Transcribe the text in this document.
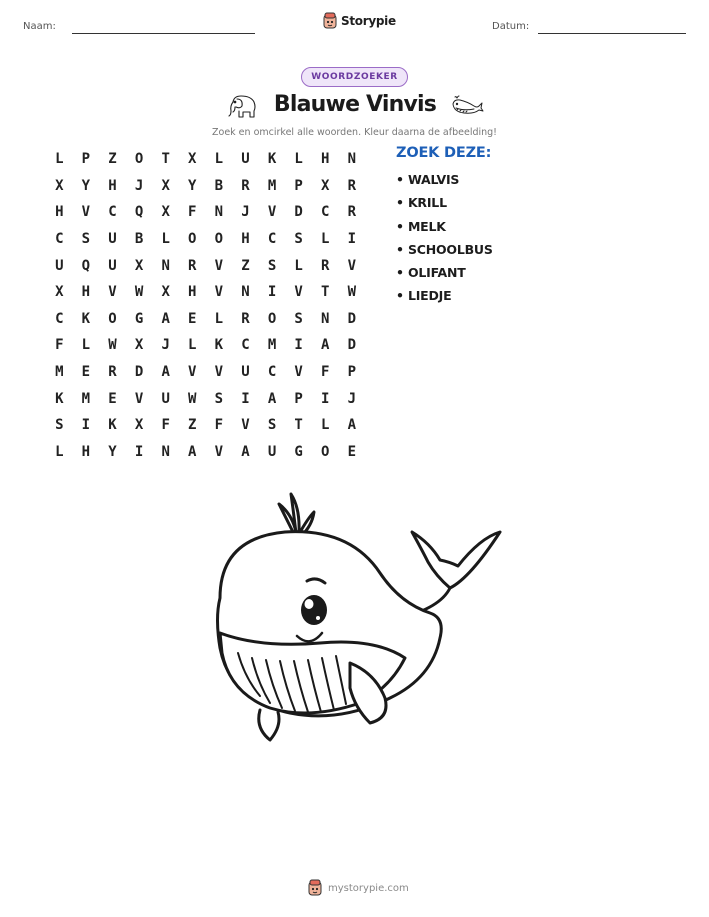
Naam:	Storypie	Datum:
WOORDZOEKER
Blauwe Vinvis
Zoek en omcirkel alle woorden. Kleur daarna de afbeelding!
L	P	Z	O	T	X	L	U	K	L	H	N
X	Y	H	J	X	Y	B	R	M	P	X	R
H	V	C	Q	X	F	N	J	V	D	C	R
C	S	U	B	L	O	O	H	C	S	L	I
U	Q	U	X	N	R	V	Z	S	L	R	V
X	H	V	W	X	H	V	N	I	V	T	W
C	K	O	G	A	E	L	R	O	S	N	D
F	L	W	X	J	L	K	C	M	I	A	D
M	E	R	D	A	V	V	U	C	V	F	P
K	M	E	V	U	W	S	I	A	P	I	J
S	I	K	X	F	Z	F	V	S	T	L	A
L	H	Y	I	N	A	V	A	U	G	O	E
ZOEK DEZE:
• WALVIS
• KRILL
• MELK
• SCHOOLBUS
• OLIFANT
• LIEDJE
mystorypie.com
